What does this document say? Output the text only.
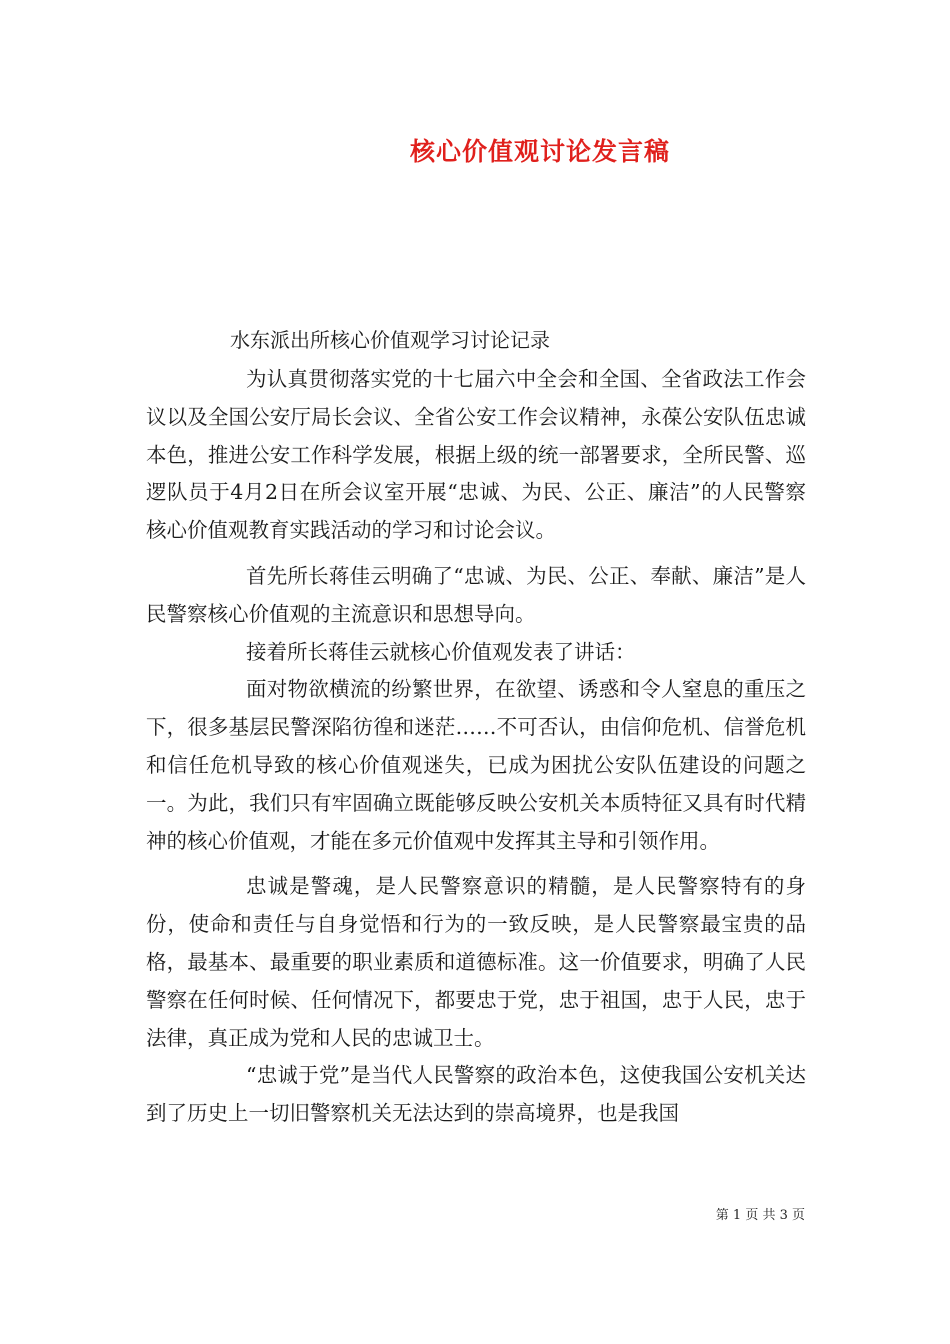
核心价值观讨论发言稿

水东派出所核心价值观学习讨论记录

为认真贯彻落实党的十七届六中全会和全国、全省政法工作会议以及全国公安厅局长会议、全省公安工作会议精神，永葆公安队伍忠诚本色，推进公安工作科学发展，根据上级的统一部署要求，全所民警、巡逻队员于4月2日在所会议室开展“忠诚、为民、公正、廉洁”的人民警察核心价值观教育实践活动的学习和讨论会议。

首先所长蒋佳云明确了“忠诚、为民、公正、奉献、廉洁”是人民警察核心价值观的主流意识和思想导向。

接着所长蒋佳云就核心价值观发表了讲话：

面对物欲横流的纷繁世界，在欲望、诱惑和令人窒息的重压之下，很多基层民警深陷彷徨和迷茫……不可否认，由信仰危机、信誉危机和信任危机导致的核心价值观迷失，已成为困扰公安队伍建设的问题之一。为此，我们只有牢固确立既能够反映公安机关本质特征又具有时代精神的核心价值观，才能在多元价值观中发挥其主导和引领作用。

忠诚是警魂，是人民警察意识的精髓，是人民警察特有的身份，使命和责任与自身觉悟和行为的一致反映，是人民警察最宝贵的品格，最基本、最重要的职业素质和道德标准。这一价值要求，明确了人民警察在任何时候、任何情况下，都要忠于党，忠于祖国，忠于人民，忠于法律，真正成为党和人民的忠诚卫士。

“忠诚于党”是当代人民警察的政治本色，这使我国公安机关达到了历史上一切旧警察机关无法达到的崇高境界，也是我国

第 1 页 共 3 页
